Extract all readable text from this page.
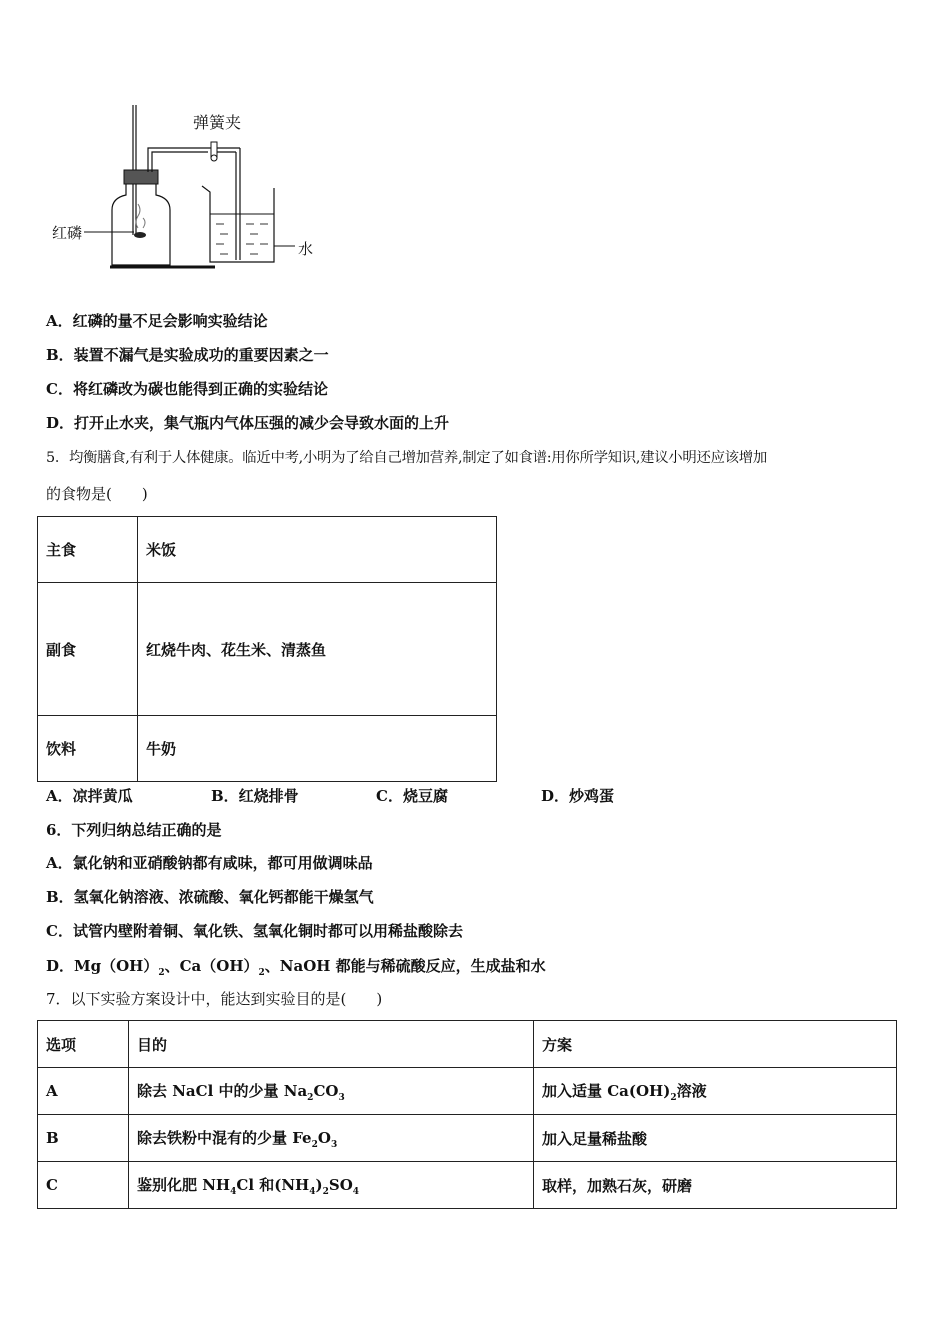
弹簧夹
红磷
水
A．红磷的量不足会影响实验结论
B．装置不漏气是实验成功的重要因素之一
C．将红磷改为碳也能得到正确的实验结论
D．打开止水夹，集气瓶内气体压强的减少会导致水面的上升
5．均衡膳食,有利于人体健康。临近中考,小明为了给自己增加营养,制定了如食谱:用你所学知识,建议小明还应该增加
的食物是(　　)
主食	米饭
副食	红烧牛肉、花生米、清蒸鱼
饮料	牛奶
A．凉拌黄瓜	B．红烧排骨	C．烧豆腐	D．炒鸡蛋
6．下列归纳总结正确的是
A．氯化钠和亚硝酸钠都有咸味，都可用做调味品
B．氢氧化钠溶液、浓硫酸、氧化钙都能干燥氢气
C．试管内壁附着铜、氧化铁、氢氧化铜时都可以用稀盐酸除去
D．$Mg(OH)_2$、$Ca(OH)_2$、NaOH 都能与稀硫酸反应，生成盐和水
7．以下实验方案设计中，能达到实验目的是(　　)
选项	目的	方案
A	除去 NaCl 中的少量 $Na_2CO_3$	加入适量 $Ca(OH)_2$溶液
B	除去铁粉中混有的少量 $Fe_2O_3$	加入足量稀盐酸
C	鉴别化肥 $NH_4Cl$ 和$(NH_4)_2SO_4$	取样，加熟石灰，研磨
